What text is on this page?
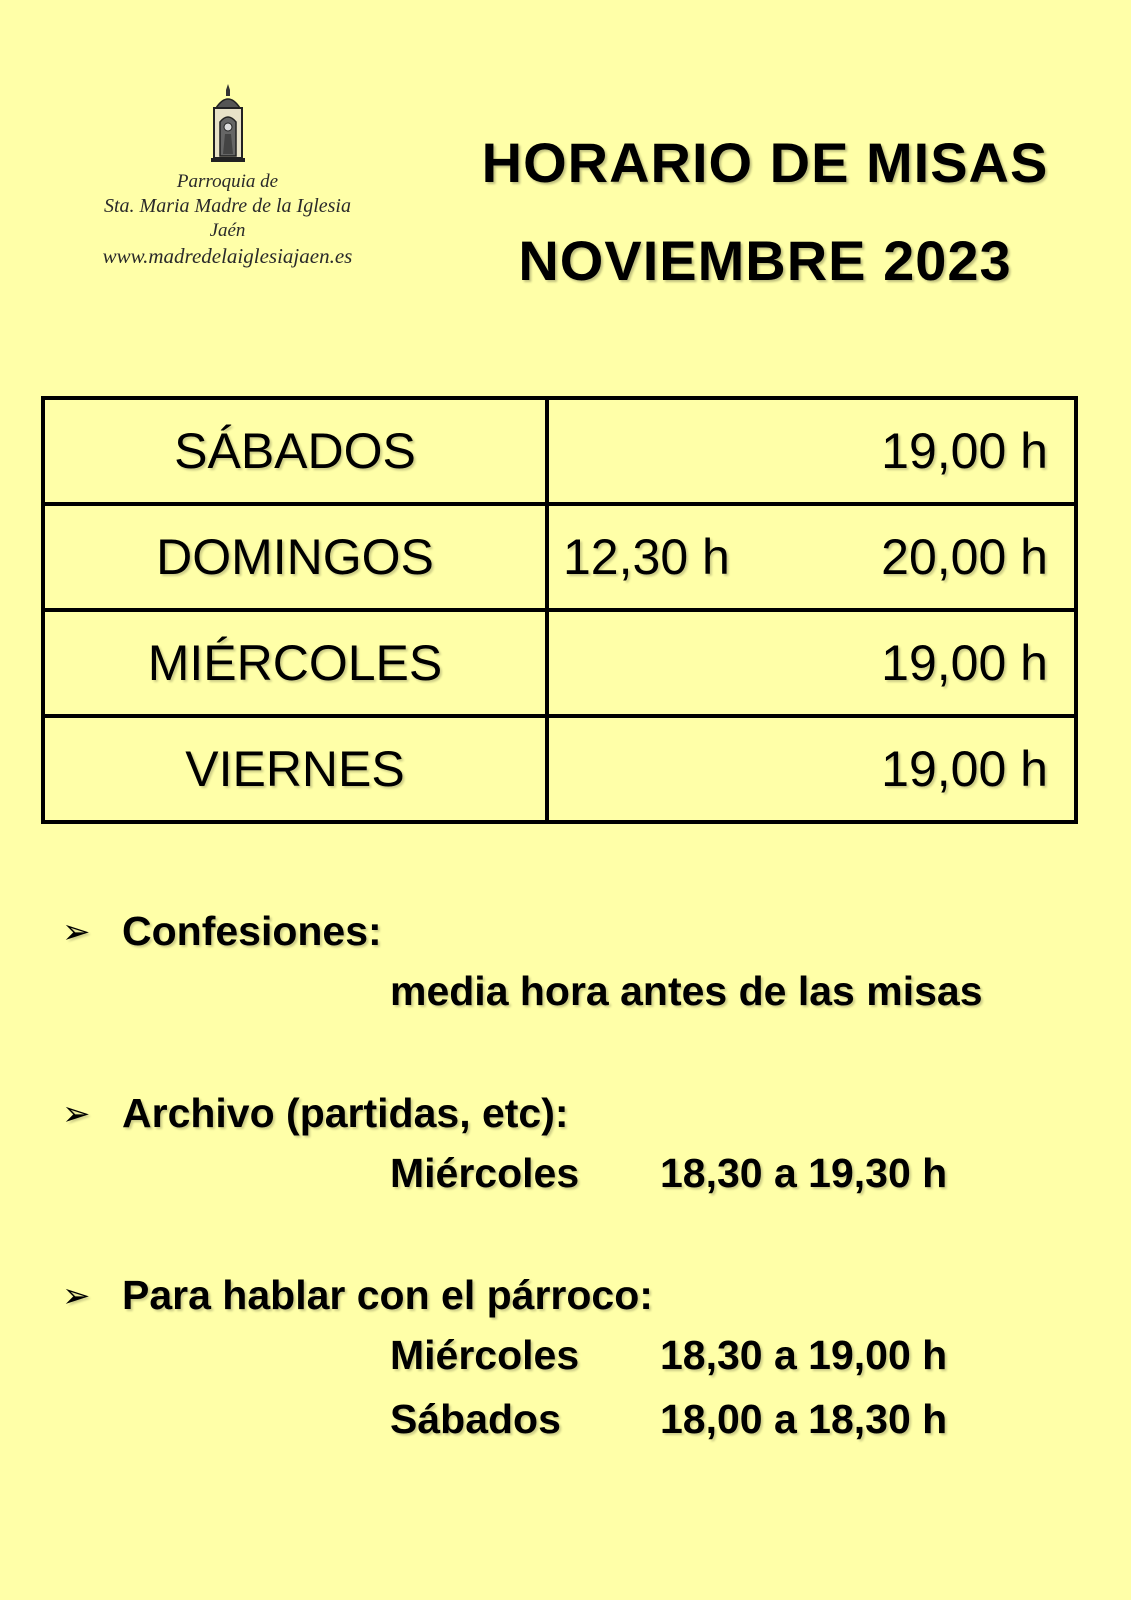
Parroquia de
Sta. Maria Madre de la Iglesia
Jaén
www.madredelaiglesiajaen.es
HORARIO DE MISAS
NOVIEMBRE 2023
SÁBADOS	19,00 h

DOMINGOS	12,30 h 20,00 h

MIÉRCOLES	19,00 h

VIERNES	19,00 h
➢ Confesiones:
media hora antes de las misas
➢ Archivo (partidas, etc):
Miércoles 18,30 a 19,30 h
➢ Para hablar con el párroco:
Miércoles 18,30 a 19,00 h
Sábados 18,00 a 18,30 h
